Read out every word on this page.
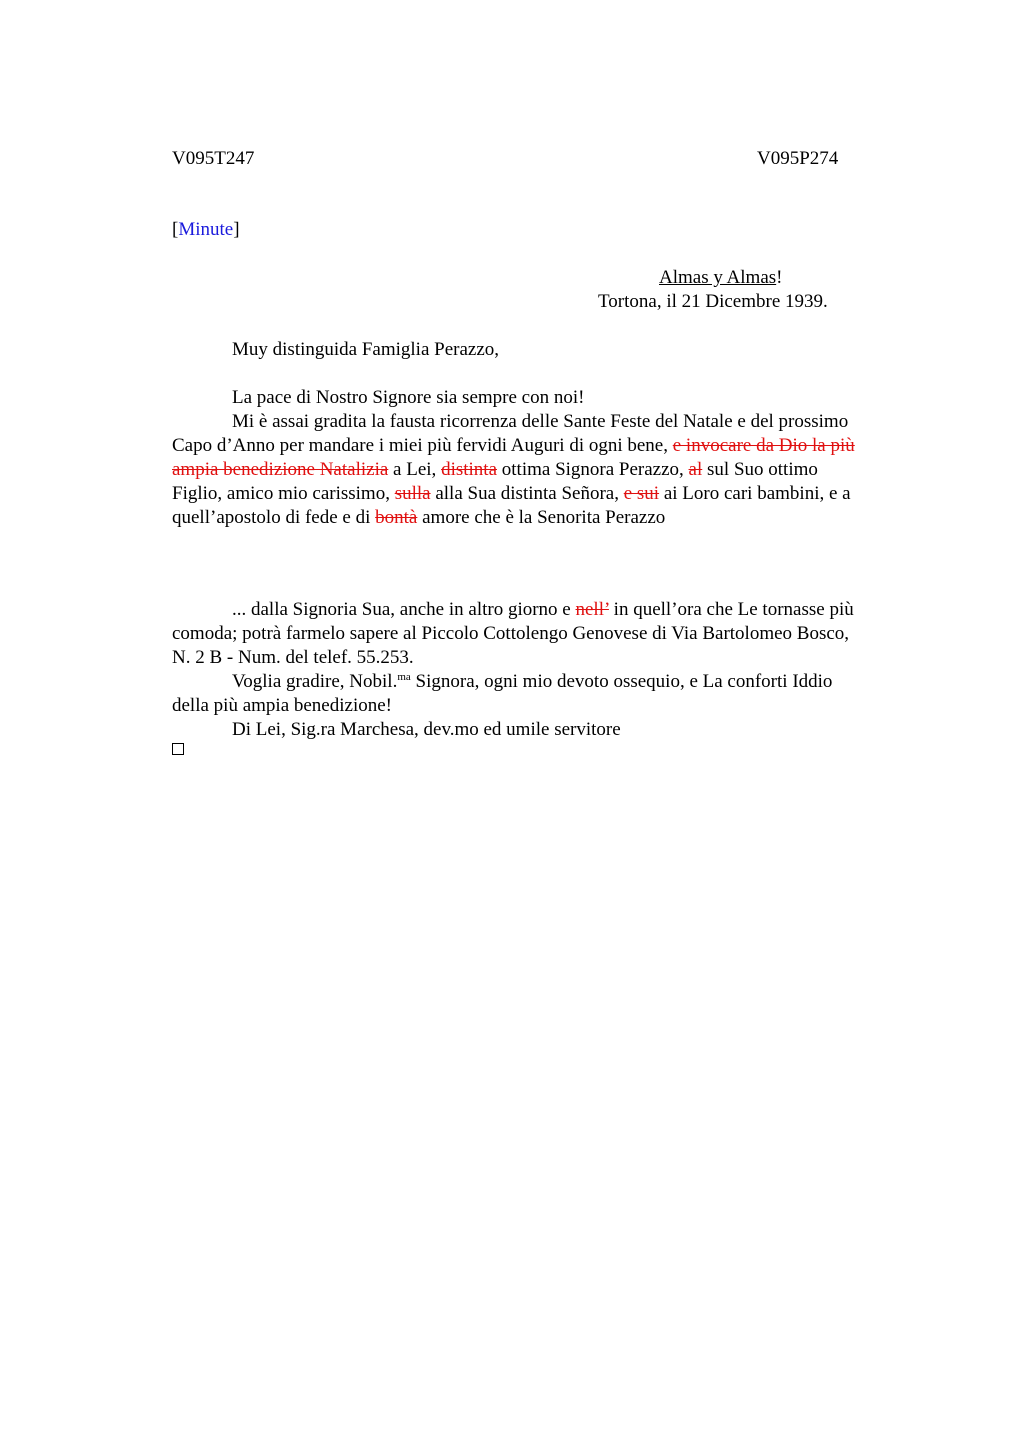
V095T247	V095P274
[Minute]
Almas y Almas!
Tortona, il 21 Dicembre 1939.

Muy distinguida Famiglia Perazzo,

La pace di Nostro Signore sia sempre con noi!

Mi è assai gradita la fausta ricorrenza delle Sante Feste del Natale e del prossimo

Capo d’Anno per mandare i miei più fervidi Auguri di ogni bene, e invocare da Dio la più

ampia benedizione Natalizia a Lei, distinta ottima Signora Perazzo, al sul Suo ottimo

Figlio, amico mio carissimo, sulla alla Sua distinta Señora, e sui ai Loro cari bambini, e a

quell’apostolo di fede e di bontà amore che è la Senorita Perazzo

... dalla Signoria Sua, anche in altro giorno e nell’ in quell’ora che Le tornasse più

comoda; potrà farmelo sapere al Piccolo Cottolengo Genovese di Via Bartolomeo Bosco,

N. 2 B - Num. del telef. 55.253.

Voglia gradire, Nobil.$^{ma}$ Signora, ogni mio devoto ossequio, e La conforti Iddio

della più ampia benedizione!

Di Lei, Sig.ra Marchesa, dev.mo ed umile servitore
